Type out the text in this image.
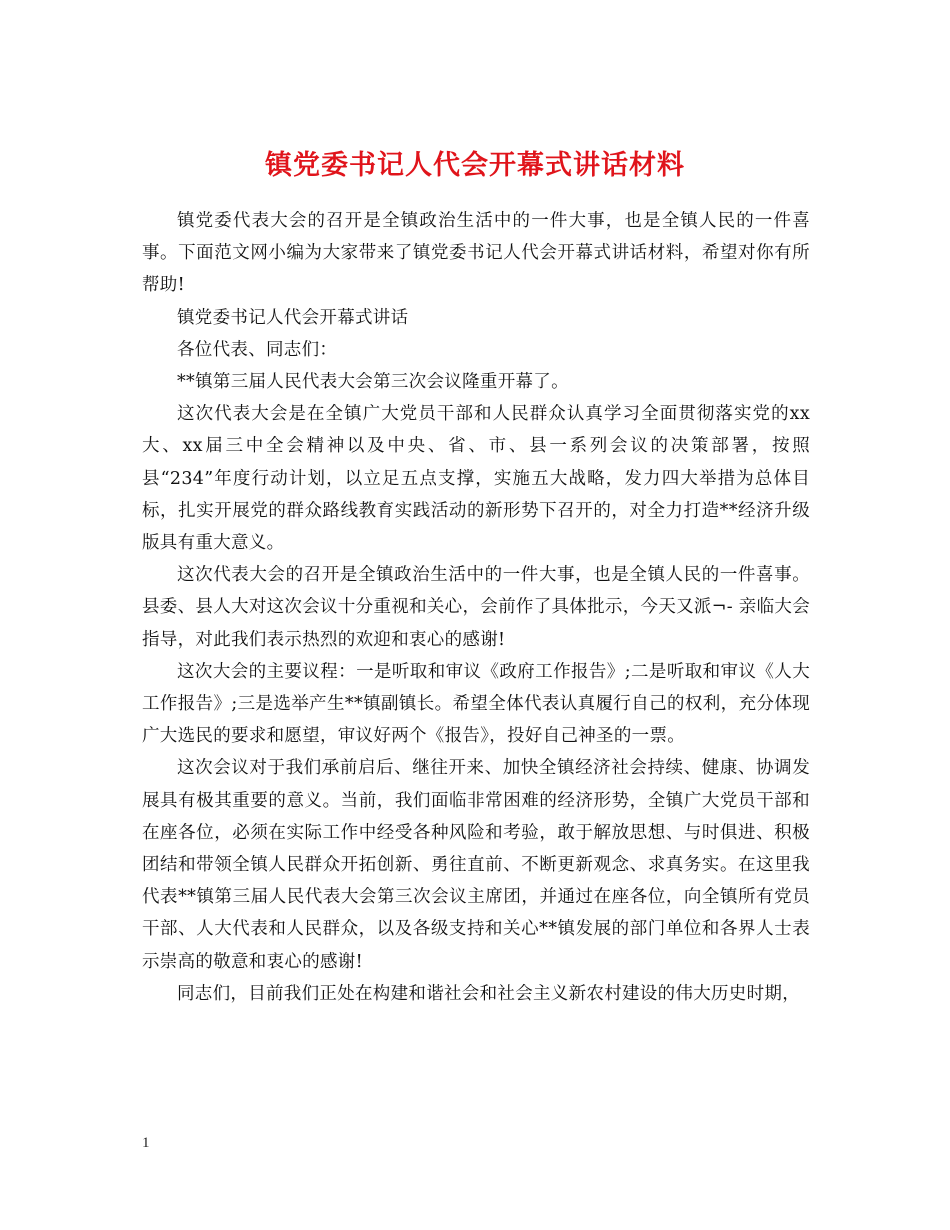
镇党委书记人代会开幕式讲话材料

镇党委代表大会的召开是全镇政治生活中的一件大事，也是全镇人民的一件喜事。下面范文网小编为大家带来了镇党委书记人代会开幕式讲话材料，希望对你有所帮助!

镇党委书记人代会开幕式讲话

各位代表、同志们：

**镇第三届人民代表大会第三次会议隆重开幕了。

这次代表大会是在全镇广大党员干部和人民群众认真学习全面贯彻落实党的xx大、xx届三中全会精神以及中央、省、市、县一系列会议的决策部署，按照县“234”年度行动计划，以立足五点支撑，实施五大战略，发力四大举措为总体目标，扎实开展党的群众路线教育实践活动的新形势下召开的，对全力打造**经济升级版具有重大意义。

这次代表大会的召开是全镇政治生活中的一件大事，也是全镇人民的一件喜事。县委、县人大对这次会议十分重视和关心，会前作了具体批示，今天又派¬- 亲临大会指导，对此我们表示热烈的欢迎和衷心的感谢!

这次大会的主要议程：一是听取和审议《政府工作报告》;二是听取和审议《人大工作报告》;三是选举产生**镇副镇长。希望全体代表认真履行自己的权利，充分体现广大选民的要求和愿望，审议好两个《报告》，投好自己神圣的一票。

这次会议对于我们承前启后、继往开来、加快全镇经济社会持续、健康、协调发展具有极其重要的意义。当前，我们面临非常困难的经济形势，全镇广大党员干部和在座各位，必须在实际工作中经受各种风险和考验，敢于解放思想、与时俱进、积极团结和带领全镇人民群众开拓创新、勇往直前、不断更新观念、求真务实。在这里我代表**镇第三届人民代表大会第三次会议主席团，并通过在座各位，向全镇所有党员干部、人大代表和人民群众，以及各级支持和关心**镇发展的部门单位和各界人士表示崇高的敬意和衷心的感谢!

同志们，目前我们正处在构建和谐社会和社会主义新农村建设的伟大历史时期，

1
